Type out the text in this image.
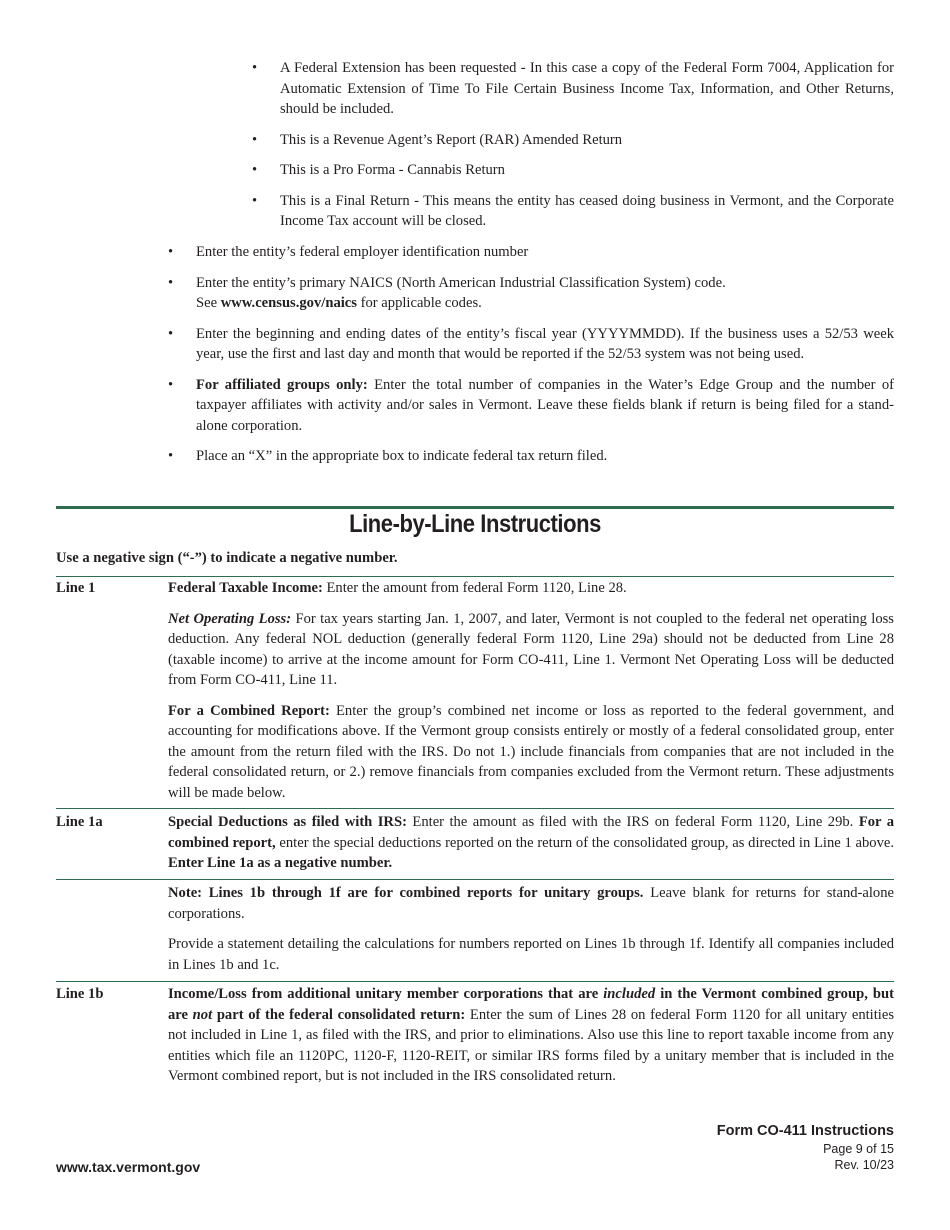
• A Federal Extension has been requested - In this case a copy of the Federal Form 7004, Application for Automatic Extension of Time To File Certain Business Income Tax, Information, and Other Returns, should be included.
• This is a Revenue Agent’s Report (RAR) Amended Return
• This is a Pro Forma - Cannabis Return
• This is a Final Return - This means the entity has ceased doing business in Vermont, and the Corporate Income Tax account will be closed.
• Enter the entity’s federal employer identification number
• Enter the entity’s primary NAICS (North American Industrial Classification System) code.
See www.census.gov/naics for applicable codes.
• Enter the beginning and ending dates of the entity’s fiscal year (YYYYMMDD). If the business uses a 52/53 week year, use the first and last day and month that would be reported if the 52/53 system was not being used.
• For affiliated groups only: Enter the total number of companies in the Water’s Edge Group and the number of taxpayer affiliates with activity and/or sales in Vermont. Leave these fields blank if return is being filed for a stand-alone corporation.
• Place an “X” in the appropriate box to indicate federal tax return filed.
Line-by-Line Instructions
Use a negative sign (“-”) to indicate a negative number.
Line 1	Federal Taxable Income: Enter the amount from federal Form 1120, Line 28.

Net Operating Loss: For tax years starting Jan. 1, 2007, and later, Vermont is not coupled to the federal net operating loss deduction. Any federal NOL deduction (generally federal Form 1120, Line 29a) should not be deducted from Line 28 (taxable income) to arrive at the income amount for Form CO-411, Line 1. Vermont Net Operating Loss will be deducted from Form CO-411, Line 11.

For a Combined Report: Enter the group’s combined net income or loss as reported to the federal government, and accounting for modifications above. If the Vermont group consists entirely or mostly of a federal consolidated group, enter the amount from the return filed with the IRS. Do not 1.) include financials from companies that are not included in the federal consolidated return, or 2.) remove financials from companies excluded from the Vermont return. These adjustments will be made below.

Line 1a	Special Deductions as filed with IRS: Enter the amount as filed with the IRS on federal Form 1120, Line 29b. For a combined report, enter the special deductions reported on the return of the consolidated group, as directed in Line 1 above. Enter Line 1a as a negative number.

Note: Lines 1b through 1f are for combined reports for unitary groups. Leave blank for returns for stand-alone corporations.

Provide a statement detailing the calculations for numbers reported on Lines 1b through 1f. Identify all companies included in Lines 1b and 1c.

Line 1b	Income/Loss from additional unitary member corporations that are included in the Vermont combined group, but are not part of the federal consolidated return: Enter the sum of Lines 28 on federal Form 1120 for all unitary entities not included in Line 1, as filed with the IRS, and prior to eliminations. Also use this line to report taxable income from any entities which file an 1120PC, 1120-F, 1120-REIT, or similar IRS forms filed by a unitary member that is included in the Vermont combined report, but is not included in the IRS consolidated return.

Form CO-411 Instructions
Page 9 of 15
Rev. 10/23
www.tax.vermont.gov
